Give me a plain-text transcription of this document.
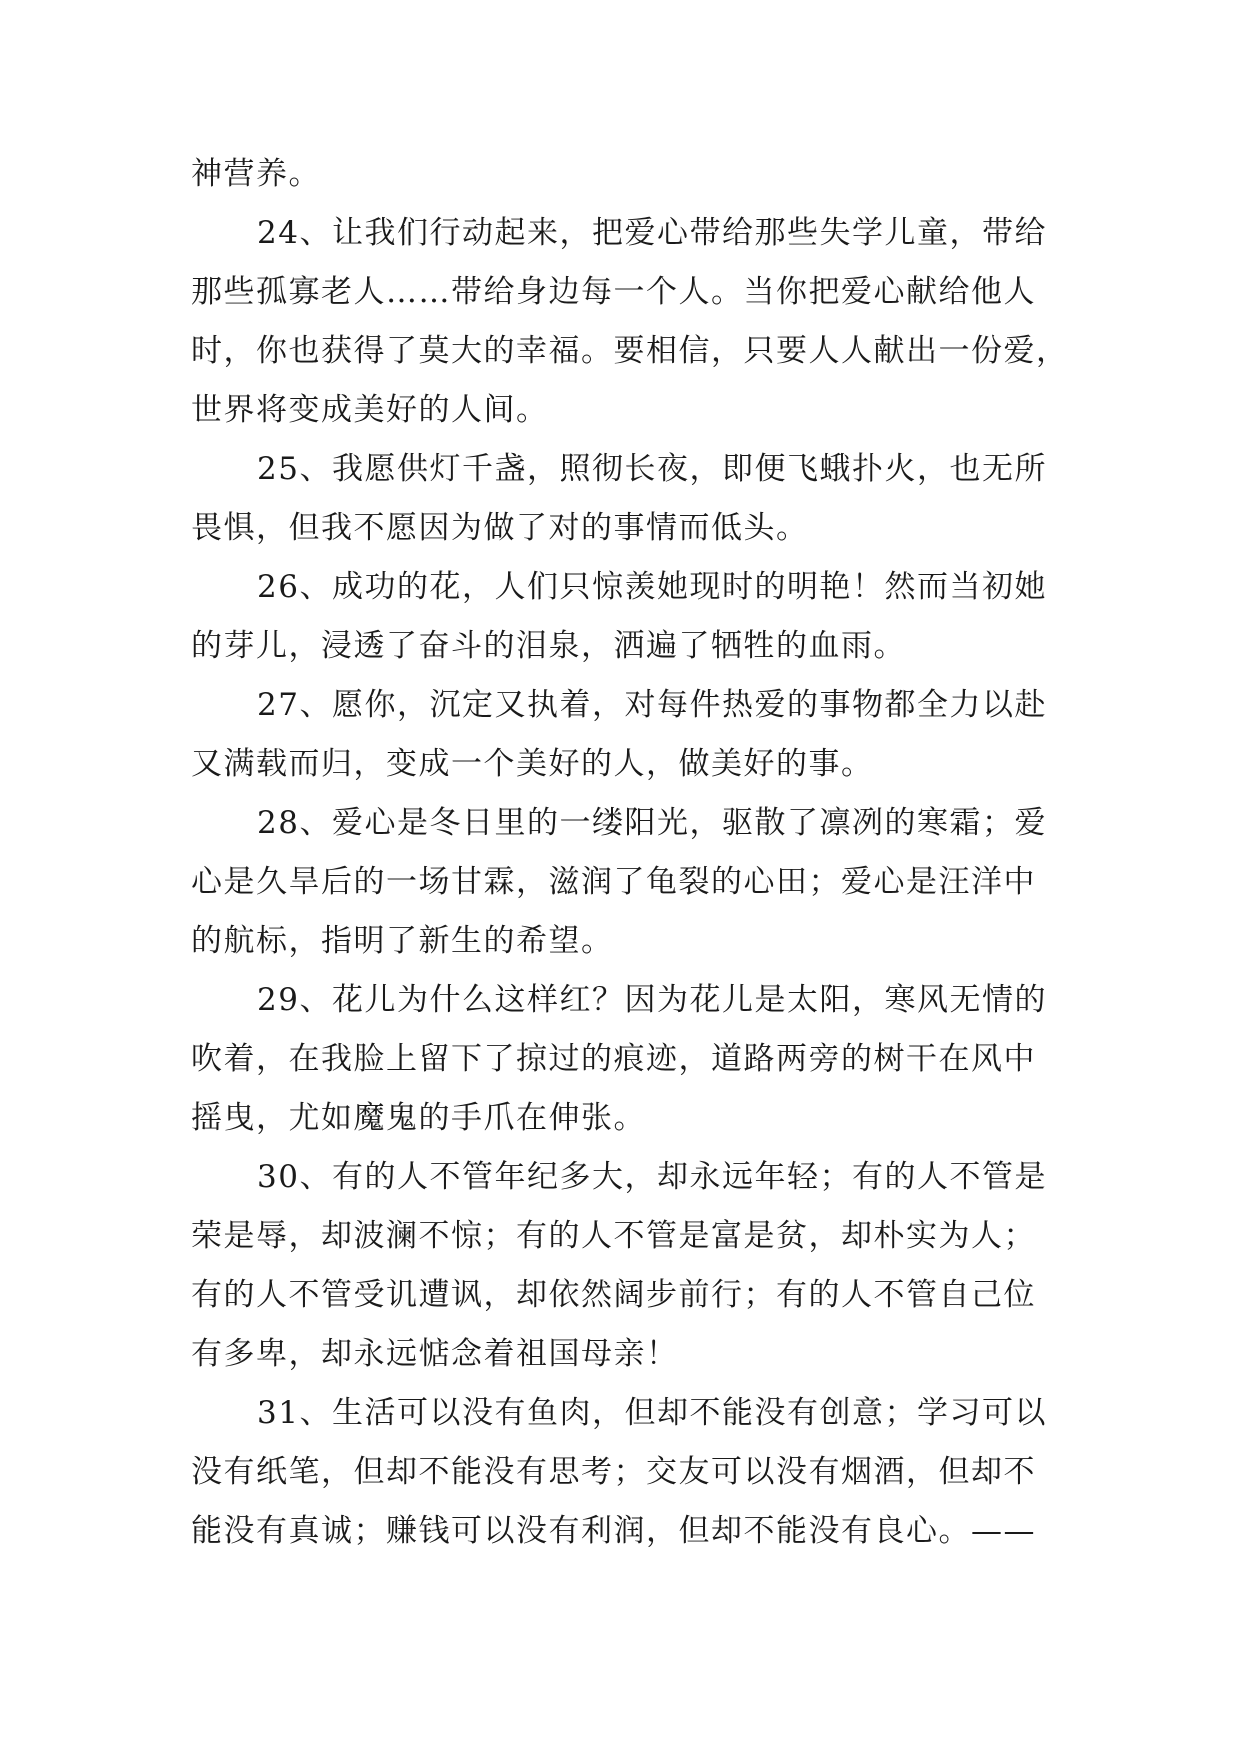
神营养。
24、让我们行动起来，把爱心带给那些失学儿童，带给
那些孤寡老人……带给身边每一个人。当你把爱心献给他人
时，你也获得了莫大的幸福。要相信，只要人人献出一份爱，
世界将变成美好的人间。
25、我愿供灯千盏，照彻长夜，即便飞蛾扑火，也无所
畏惧，但我不愿因为做了对的事情而低头。
26、成功的花，人们只惊羡她现时的明艳！然而当初她
的芽儿，浸透了奋斗的泪泉，洒遍了牺牲的血雨。
27、愿你，沉定又执着，对每件热爱的事物都全力以赴
又满载而归，变成一个美好的人，做美好的事。
28、爱心是冬日里的一缕阳光，驱散了凛冽的寒霜；爱
心是久旱后的一场甘霖，滋润了龟裂的心田；爱心是汪洋中
的航标，指明了新生的希望。
29、花儿为什么这样红？因为花儿是太阳，寒风无情的
吹着，在我脸上留下了掠过的痕迹，道路两旁的树干在风中
摇曳，尤如魔鬼的手爪在伸张。
30、有的人不管年纪多大，却永远年轻；有的人不管是
荣是辱，却波澜不惊；有的人不管是富是贫，却朴实为人；
有的人不管受讥遭讽，却依然阔步前行；有的人不管自己位
有多卑，却永远惦念着祖国母亲！
31、生活可以没有鱼肉，但却不能没有创意；学习可以
没有纸笔，但却不能没有思考；交友可以没有烟酒，但却不
能没有真诚；赚钱可以没有利润，但却不能没有良心。——
